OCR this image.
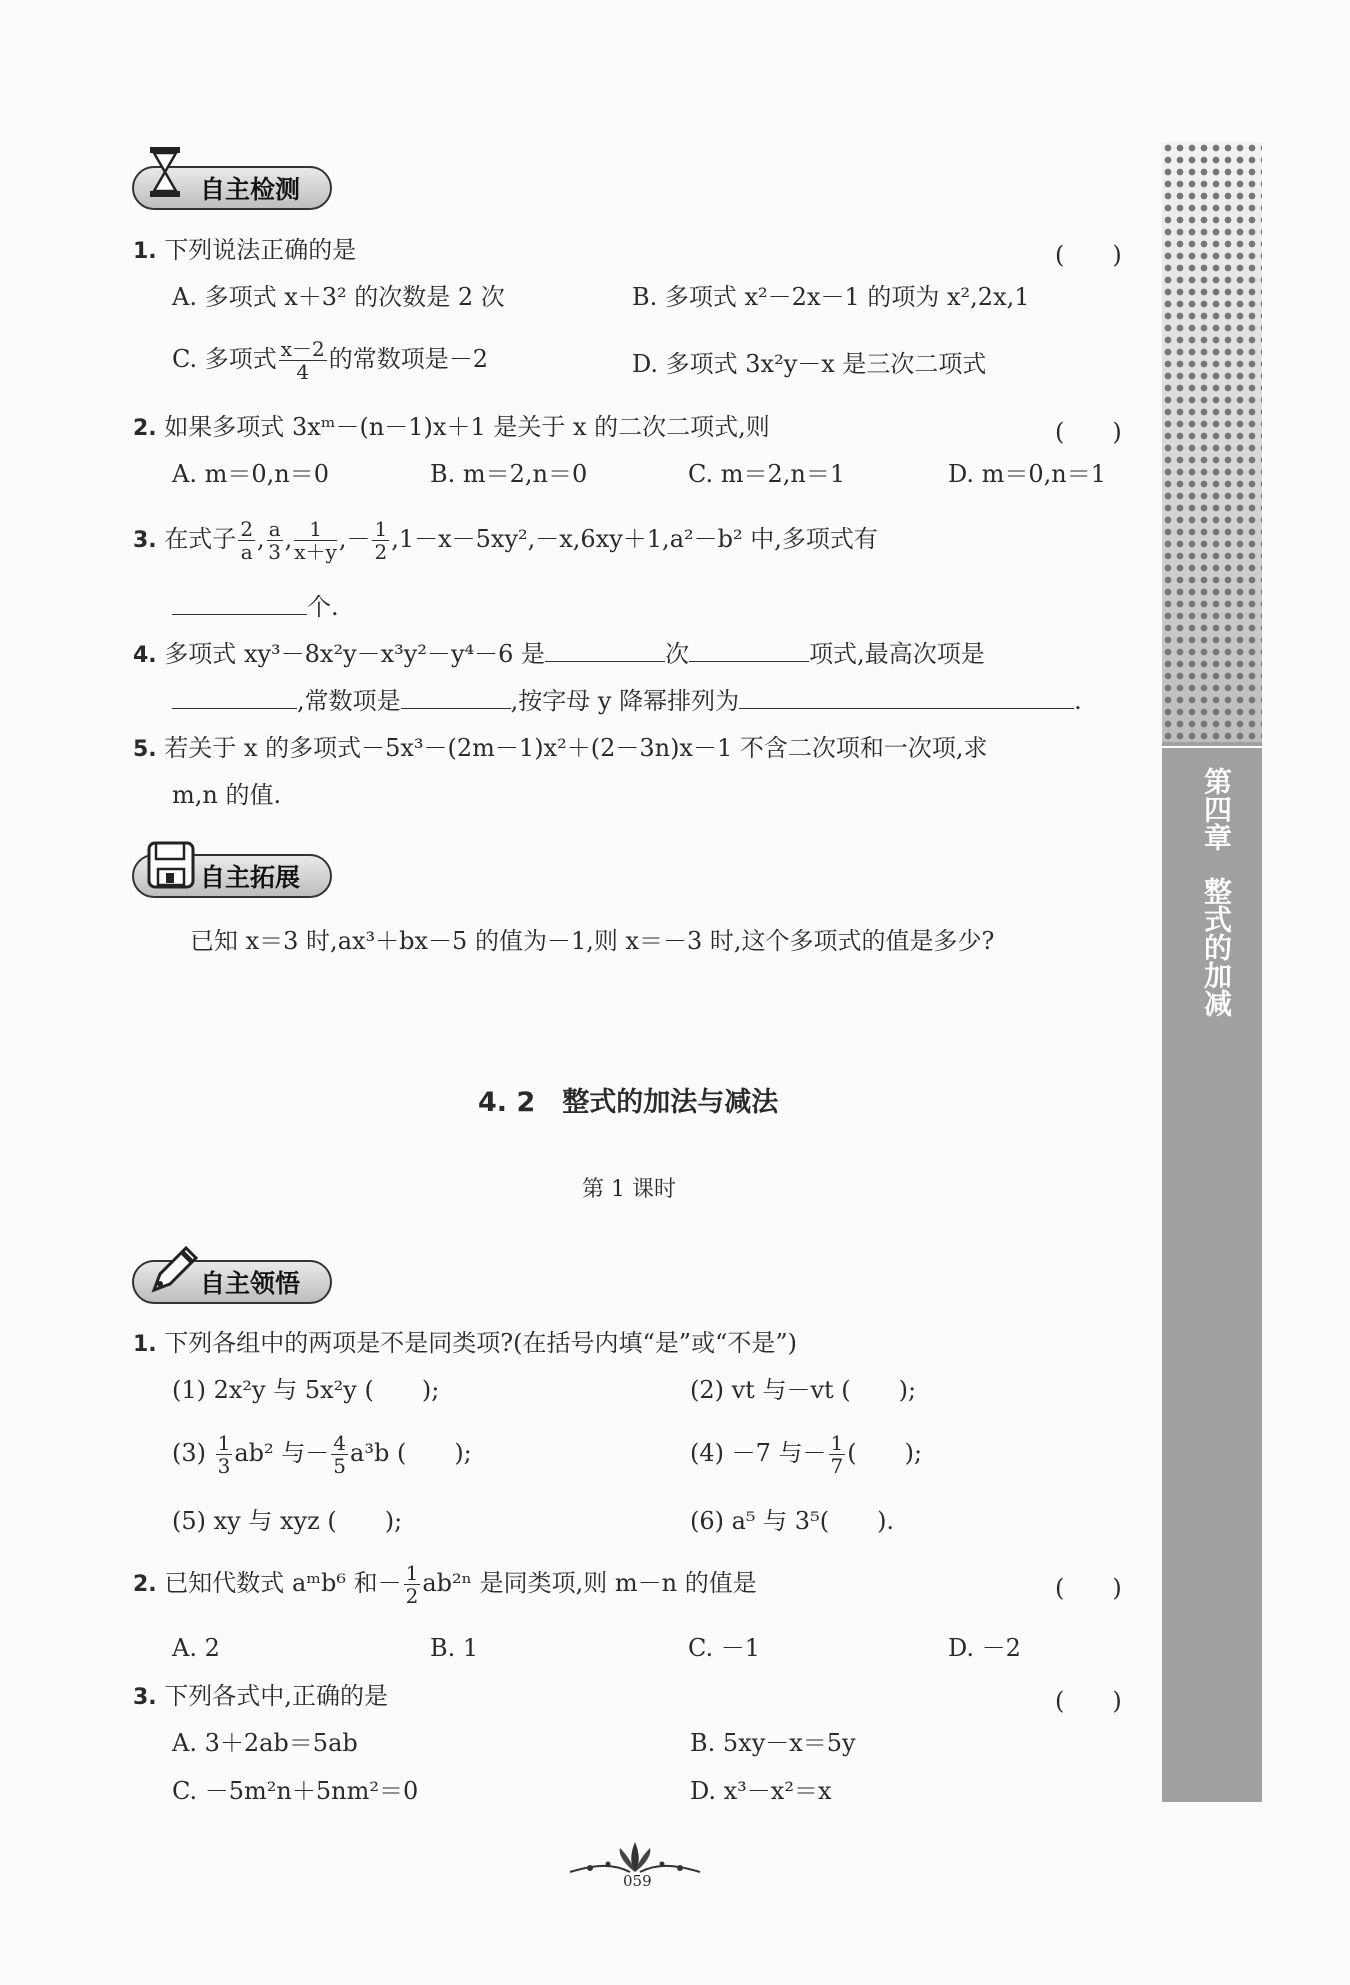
第四章
整式的加减
自主检测
1. 下列说法正确的是	(　　)
A. 多项式 x＋3² 的次数是 2 次	B. 多项式 x²－2x－1 的项为 x²,2x,1
C. 多项式 $\frac{x-2}{4}$ 的常数项是－2	D. 多项式 3x²y－x 是三次二项式
2. 如果多项式 3xᵐ－(n－1)x＋1 是关于 x 的二次二项式,则	(　　)
A. m＝0,n＝0	B. m＝2,n＝0	C. m＝2,n＝1	D. m＝0,n＝1
3. 在式子 $\frac{2}{a}$ , $\frac{a}{3}$ , $\frac{1}{x+y}$ ,－ $\frac{1}{2} ,1-x-5xy^2,-x,6xy+1,a^2-b^2$ 中,多项式有
个.
4. 多项式 xy³－8x²y－x³y²－y⁴－6 是	次	项式,最高次项是
,常数项是	,按字母 y 降幂排列为	.
5. 若关于 x 的多项式－5x³－(2m－1)x²＋(2－3n)x－1 不含二次项和一次项,求
m,n 的值.
自主拓展
已知 x＝3 时,ax³＋bx－5 的值为－1,则 x＝－3 时,这个多项式的值是多少?
4. 2　整式的加法与减法
第 1 课时
自主领悟
1. 下列各组中的两项是不是同类项?(在括号内填“是”或“不是”)
(1) 2x²y 与 5x²y (　　);	(2) vt 与－vt (　　);
$(3) \frac{1}{3} ab^2$ 与－ $\frac{4}{5} a^3b$ (　　);	(4) －7 与－ $\frac{1}{7}$ (　　);
(5) xy 与 xyz (　　);	(6) a⁵ 与 3⁵(　　).
2. 已知代数式 aᵐb⁶ 和－ $\frac{1}{2} ab^{2n}$ 是同类项,则 m－n 的值是	(　　)
A. 2	B. 1	C. －1	D. －2
3. 下列各式中,正确的是	(　　)
A. 3＋2ab＝5ab	B. 5xy－x＝5y
C. －5m²n＋5nm²＝0	D. x³－x²＝x
059
